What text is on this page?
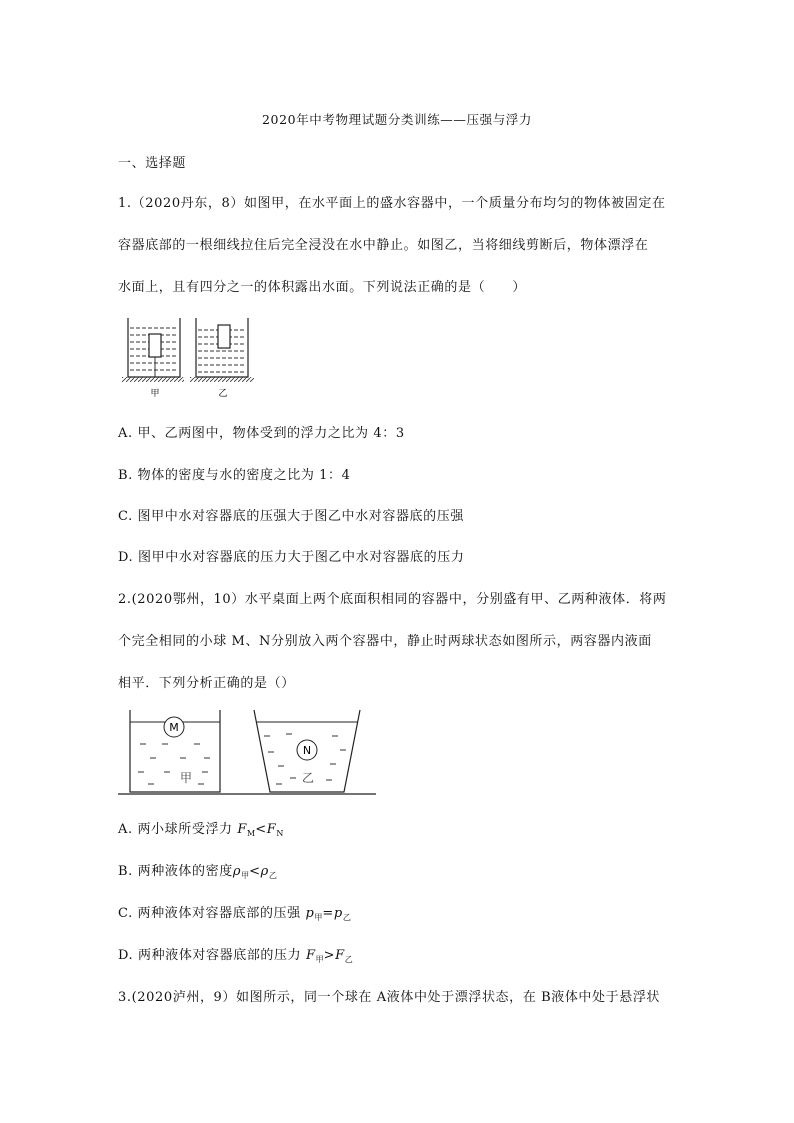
2020年中考物理试题分类训练——压强与浮力
一、选择题
1.（2020丹东，8）如图甲，在水平面上的盛水容器中，一个质量分布均匀的物体被固定在
容器底部的一根细线拉住后完全浸没在水中静止。如图乙，当将细线剪断后，物体漂浮在
水面上，且有四分之一的体积露出水面。下列说法正确的是（　　）
甲	乙
A. 甲、乙两图中，物体受到的浮力之比为 4：3
B. 物体的密度与水的密度之比为 1：4
C. 图甲中水对容器底的压强大于图乙中水对容器底的压强
D. 图甲中水对容器底的压力大于图乙中水对容器底的压力
2.(2020鄂州，10）水平桌面上两个底面积相同的容器中，分别盛有甲、乙两种液体．将两
个完全相同的小球 M、N分别放入两个容器中，静止时两球状态如图所示，两容器内液面
相平．下列分析正确的是（）
M
甲
N
乙
A. 两小球所受浮力 $F_M<F_N$
B. 两种液体的密度$\rho_甲<\rho_乙$
C. 两种液体对容器底部的压强 $p_甲=p_乙$
D. 两种液体对容器底部的压力 $F_甲>F_乙$
3.(2020泸州，9）如图所示，同一个球在 A液体中处于漂浮状态，在 B液体中处于悬浮状
